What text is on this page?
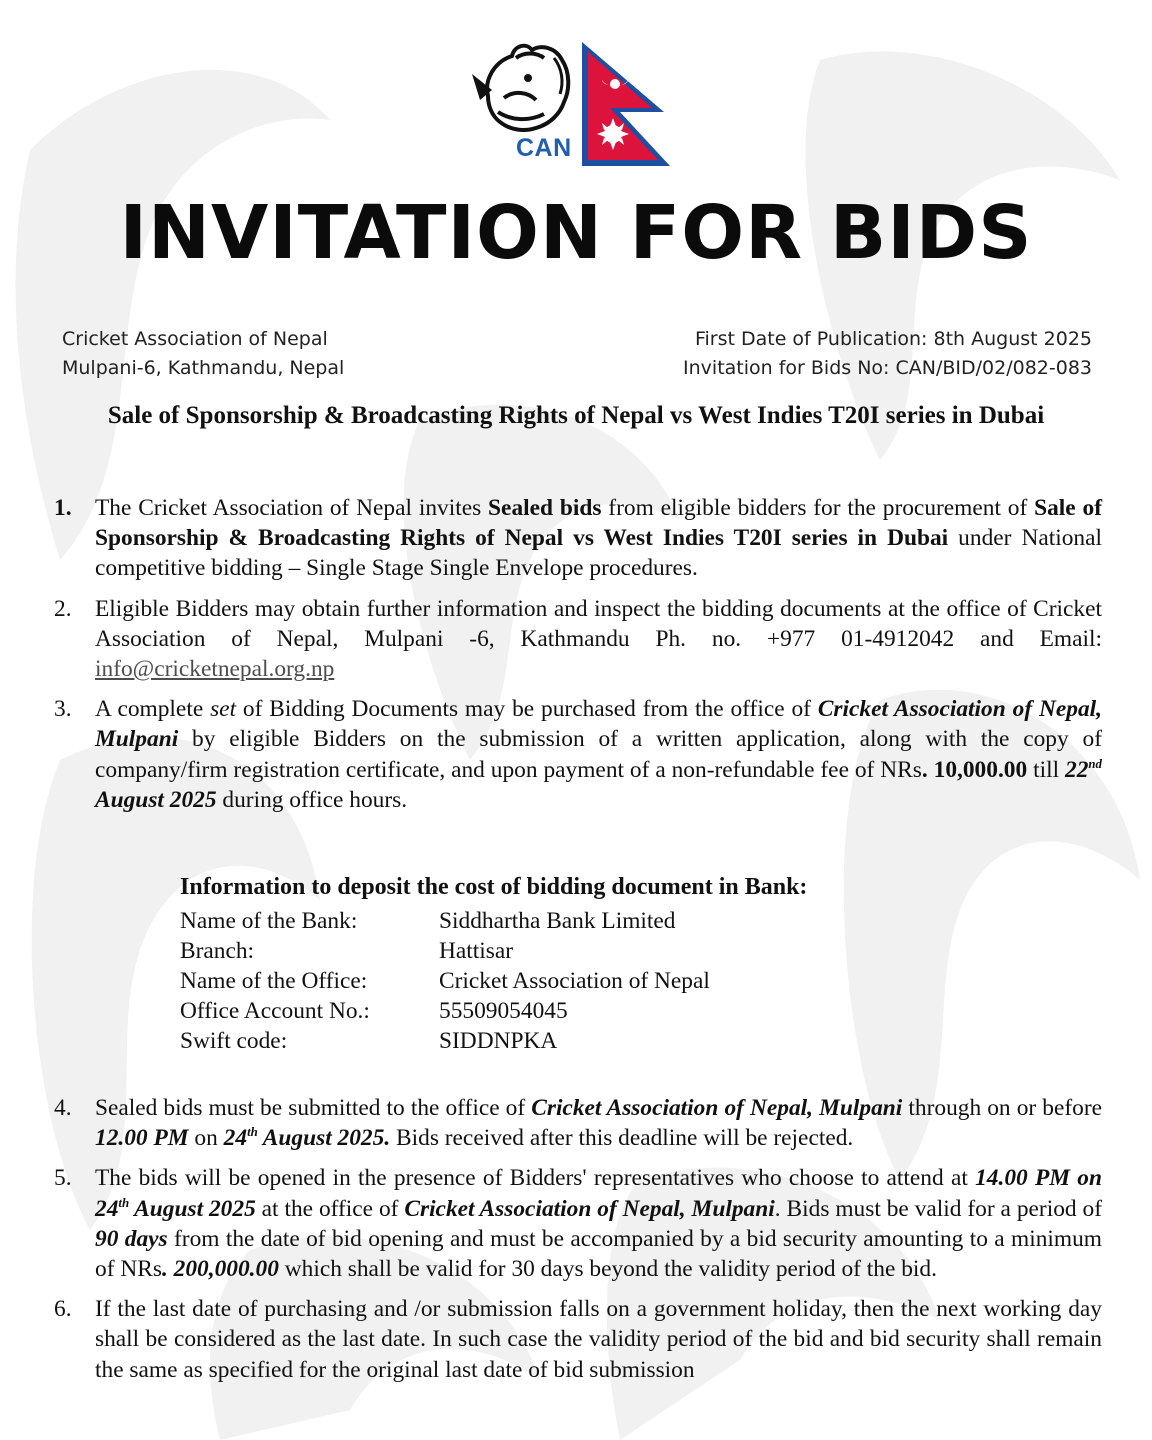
CAN
INVITATION FOR BIDS
Cricket Association of Nepal
Mulpani-6, Kathmandu, Nepal
First Date of Publication: 8th August 2025
Invitation for Bids No: CAN/BID/02/082-083
Sale of Sponsorship & Broadcasting Rights of Nepal vs West Indies T20I series in Dubai
1. The Cricket Association of Nepal invites Sealed bids from eligible bidders for the procurement of Sale of Sponsorship & Broadcasting Rights of Nepal vs West Indies T20I series in Dubai under National competitive bidding – Single Stage Single Envelope procedures.
2. Eligible Bidders may obtain further information and inspect the bidding documents at the office of Cricket Association of Nepal, Mulpani -6, Kathmandu Ph. no. +977 01-4912042 and Email: info@cricketnepal.org.np
3. A complete set of Bidding Documents may be purchased from the office of Cricket Association of Nepal, Mulpani by eligible Bidders on the submission of a written application, along with the copy of company/firm registration certificate, and upon payment of a non-refundable fee of NRs. 10,000.00 till 22nd August 2025 during office hours.
Information to deposit the cost of bidding document in Bank:
Name of the Bank:	Siddhartha Bank Limited
Branch:	Hattisar
Name of the Office:	Cricket Association of Nepal
Office Account No.:	55509054045
Swift code:	SIDDNPKA
4. Sealed bids must be submitted to the office of Cricket Association of Nepal, Mulpani through on or before 12.00 PM on 24th August 2025. Bids received after this deadline will be rejected.
5. The bids will be opened in the presence of Bidders' representatives who choose to attend at 14.00 PM on 24th August 2025 at the office of Cricket Association of Nepal, Mulpani. Bids must be valid for a period of 90 days from the date of bid opening and must be accompanied by a bid security amounting to a minimum of NRs. 200,000.00 which shall be valid for 30 days beyond the validity period of the bid.
6. If the last date of purchasing and /or submission falls on a government holiday, then the next working day shall be considered as the last date. In such case the validity period of the bid and bid security shall remain the same as specified for the original last date of bid submission
